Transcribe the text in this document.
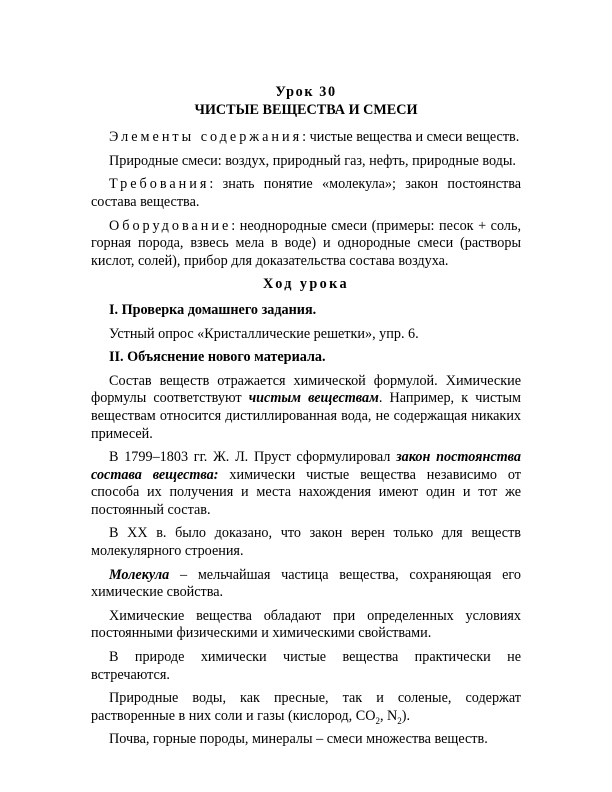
Урок 30
ЧИСТЫЕ ВЕЩЕСТВА И СМЕСИ

Элементы содержания: чистые вещества и смеси веществ.

Природные смеси: воздух, природный газ, нефть, природные воды.

Требования: знать понятие «молекула»; закон постоянства состава вещества.

Оборудование: неоднородные смеси (примеры: песок + соль, горная порода, взвесь мела в воде) и однородные смеси (растворы кислот, солей), прибор для доказательства состава воздуха.

Ход урока

I. Проверка домашнего задания.

Устный опрос «Кристаллические решетки», упр. 6.

II. Объяснение нового материала.

Состав веществ отражается химической формулой. Химические формулы соответствуют чистым веществам. Например, к чистым веществам относится дистиллированная вода, не содержащая никаких примесей.

В 1799–1803 гг. Ж. Л. Пруст сформулировал закон постоянства состава вещества: химически чистые вещества независимо от способа их получения и места нахождения имеют один и тот же постоянный состав.

В XX в. было доказано, что закон верен только для веществ молекулярного строения.

Молекула – мельчайшая частица вещества, сохраняющая его химические свойства.

Химические вещества обладают при определенных условиях постоянными физическими и химическими свойствами.

В природе химически чистые вещества практически не встречаются.

Природные воды, как пресные, так и соленые, содержат растворенные в них соли и газы (кислород, $CO_2$, $N_2$).

Почва, горные породы, минералы – смеси множества веществ.
